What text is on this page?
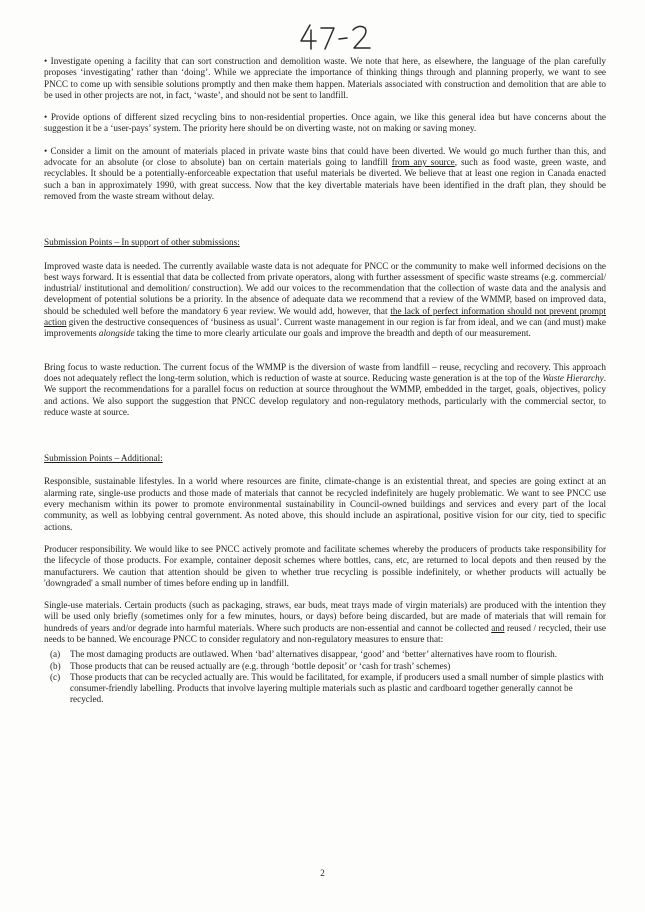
• Investigate opening a facility that can sort construction and demolition waste. We note that here, as elsewhere, the language of the plan carefully proposes ‘investigating’ rather than ‘doing’. While we appreciate the importance of thinking things through and planning properly, we want to see PNCC to come up with sensible solutions promptly and then make them happen. Materials associated with construction and demolition that are able to be used in other projects are not, in fact, ‘waste’, and should not be sent to landfill.

• Provide options of different sized recycling bins to non-residential properties. Once again, we like this general idea but have concerns about the suggestion it be a ‘user-pays’ system. The priority here should be on diverting waste, not on making or saving money.

• Consider a limit on the amount of materials placed in private waste bins that could have been diverted. We would go much further than this, and advocate for an absolute (or close to absolute) ban on certain materials going to landfill from any source, such as food waste, green waste, and recyclables. It should be a potentially-enforceable expectation that useful materials be diverted. We believe that at least one region in Canada enacted such a ban in approximately 1990, with great success. Now that the key divertable materials have been identified in the draft plan, they should be removed from the waste stream without delay.

Submission Points – In support of other submissions:

Improved waste data is needed. The currently available waste data is not adequate for PNCC or the community to make well informed decisions on the best ways forward. It is essential that data be collected from private operators, along with further assessment of specific waste streams (e.g. commercial/ industrial/ institutional and demolition/ construction). We add our voices to the recommendation that the collection of waste data and the analysis and development of potential solutions be a priority. In the absence of adequate data we recommend that a review of the WMMP, based on improved data, should be scheduled well before the mandatory 6 year review. We would add, however, that the lack of perfect information should not prevent prompt action given the destructive consequences of ‘business as usual’. Current waste management in our region is far from ideal, and we can (and must) make improvements alongside taking the time to more clearly articulate our goals and improve the breadth and depth of our measurement.

Bring focus to waste reduction. The current focus of the WMMP is the diversion of waste from landfill – reuse, recycling and recovery. This approach does not adequately reflect the long-term solution, which is reduction of waste at source. Reducing waste generation is at the top of the Waste Hierarchy. We support the recommendations for a parallel focus on reduction at source throughout the WMMP, embedded in the target, goals, objectives, policy and actions. We also support the suggestion that PNCC develop regulatory and non-regulatory methods, particularly with the commercial sector, to reduce waste at source.

Submission Points – Additional:

Responsible, sustainable lifestyles. In a world where resources are finite, climate-change is an existential threat, and species are going extinct at an alarming rate, single-use products and those made of materials that cannot be recycled indefinitely are hugely problematic. We want to see PNCC use every mechanism within its power to promote environmental sustainability in Council-owned buildings and services and every part of the local community, as well as lobbying central government. As noted above, this should include an aspirational, positive vision for our city, tied to specific actions.

Producer responsibility. We would like to see PNCC actively promote and facilitate schemes whereby the producers of products take responsibility for the lifecycle of those products. For example, container deposit schemes where bottles, cans, etc, are returned to local depots and then reused by the manufacturers. We caution that attention should be given to whether true recycling is possible indefinitely, or whether products will actually be 'downgraded' a small number of times before ending up in landfill.

Single-use materials. Certain products (such as packaging, straws, ear buds, meat trays made of virgin materials) are produced with the intention they will be used only briefly (sometimes only for a few minutes, hours, or days) before being discarded, but are made of materials that will remain for hundreds of years and/or degrade into harmful materials. Where such products are non-essential and cannot be collected and reused / recycled, their use needs to be banned. We encourage PNCC to consider regulatory and non-regulatory measures to ensure that:

(a) The most damaging products are outlawed. When ‘bad’ alternatives disappear, ‘good’ and ‘better’ alternatives have room to flourish.
(b) Those products that can be reused actually are (e.g. through ‘bottle deposit’ or ‘cash for trash’ schemes)
(c) Those products that can be recycled actually are. This would be facilitated, for example, if producers used a small number of simple plastics with consumer-friendly labelling. Products that involve layering multiple materials such as plastic and cardboard together generally cannot be recycled.
2
